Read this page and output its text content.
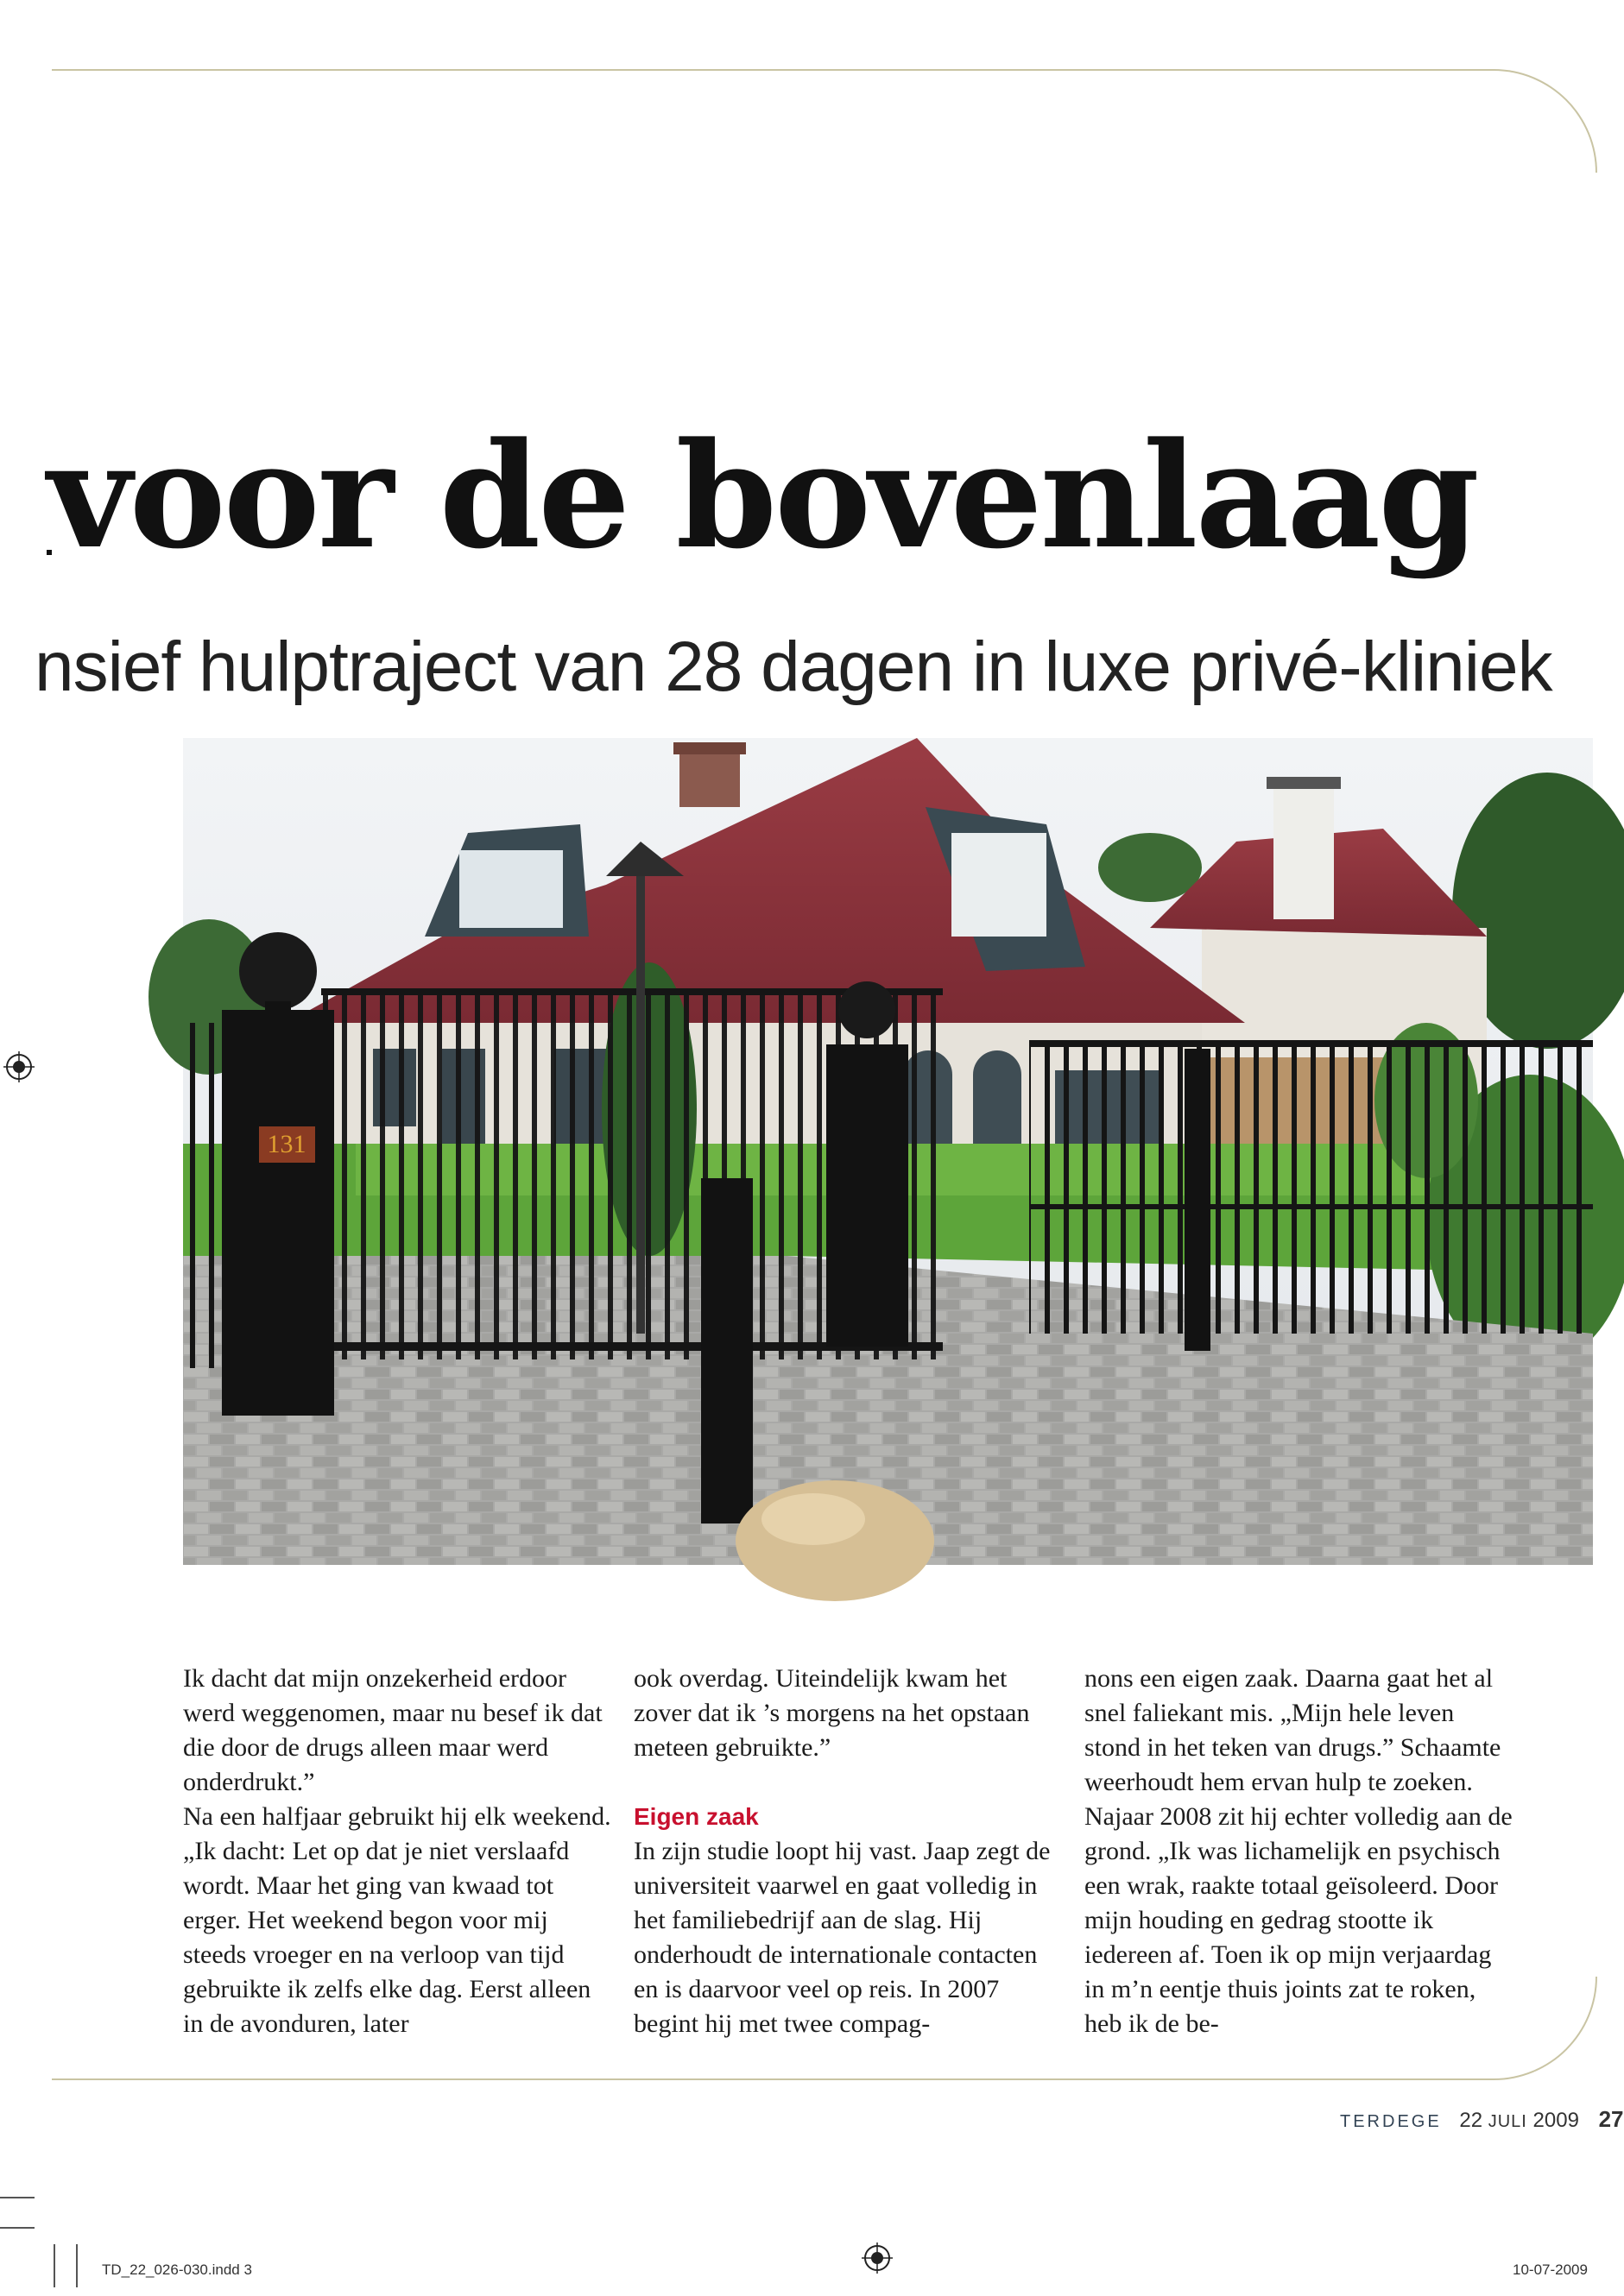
voor de bovenlaag
nsief hulptraject van 28 dagen in luxe privé-kliniek
131

Ik dacht dat mijn onzekerheid erdoor werd weggenomen, maar nu besef ik dat die door de drugs alleen maar werd onderdrukt.”

Na een halfjaar gebruikt hij elk weekend. „Ik dacht: Let op dat je niet verslaafd wordt. Maar het ging van kwaad tot erger. Het weekend begon voor mij steeds vroeger en na verloop van tijd gebruikte ik zelfs elke dag. Eerst alleen in de avonduren, later

ook overdag. Uiteindelijk kwam het zover dat ik ’s morgens na het opstaan meteen gebruikte.”

Eigen zaak

In zijn studie loopt hij vast. Jaap zegt de universiteit vaarwel en gaat volledig in het familiebedrijf aan de slag. Hij onderhoudt de internationale contacten en is daarvoor veel op reis. In 2007 begint hij met twee compag-

nons een eigen zaak. Daarna gaat het al snel faliekant mis. „Mijn hele leven stond in het teken van drugs.” Schaamte weerhoudt hem ervan hulp te zoeken. Najaar 2008 zit hij echter volledig aan de grond. „Ik was lichamelijk en psychisch een wrak, raakte totaal geïsoleerd. Door mijn houding en gedrag stootte ik iedereen af. Toen ik op mijn verjaardag in m’n eentje thuis joints zat te roken, heb ik de be-

TERDEGE 22 JULI 2009 27
TD_22_026-030.indd 3	10-07-2009
